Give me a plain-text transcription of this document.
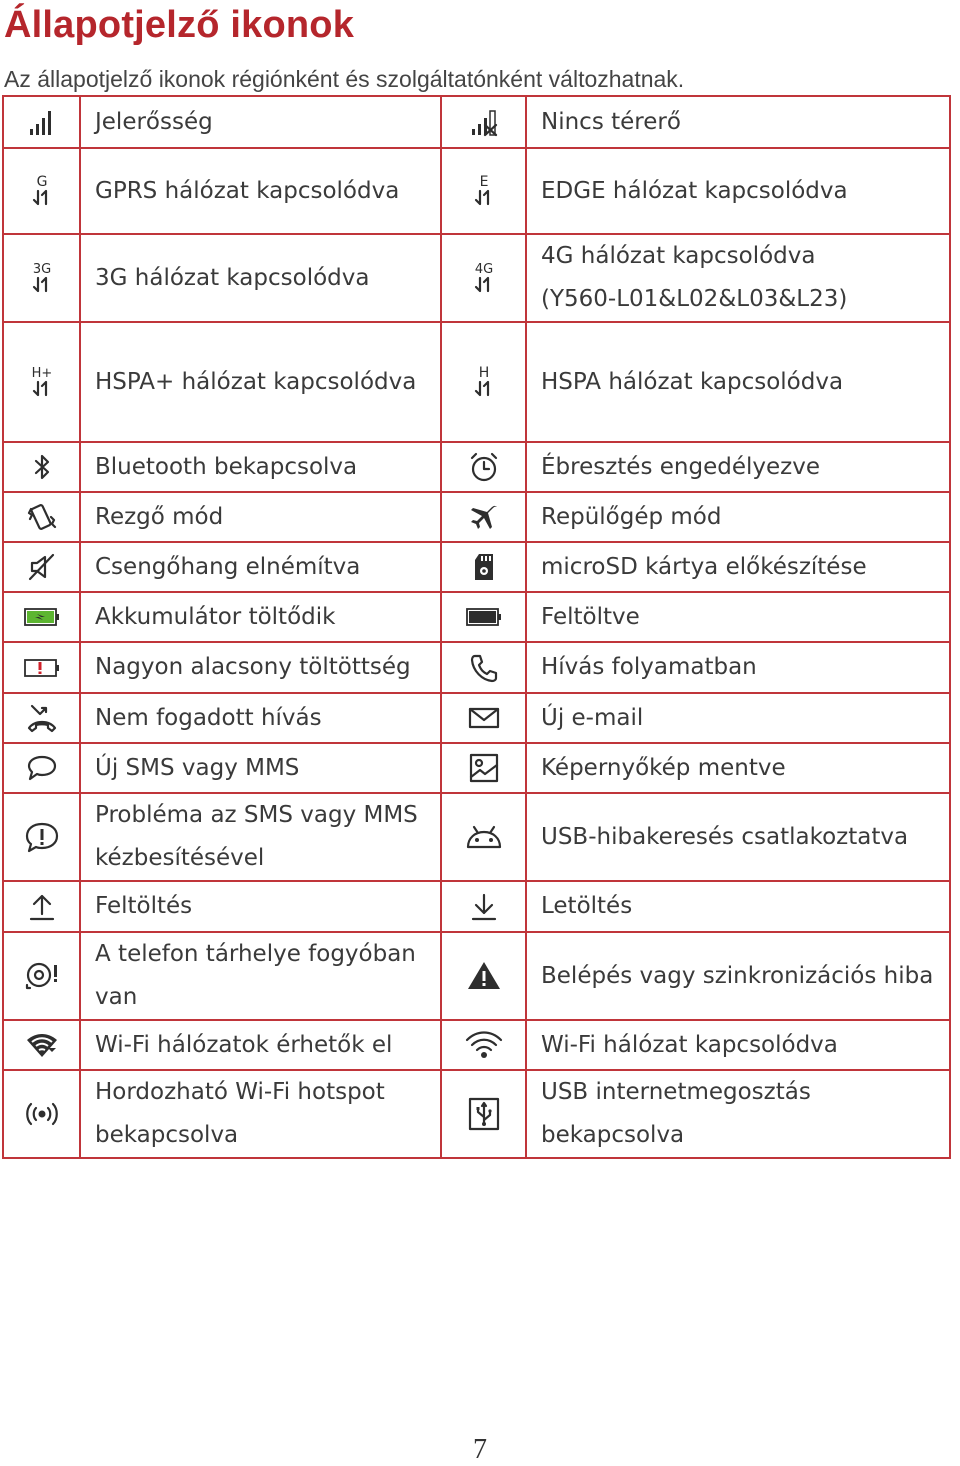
Állapotjelző ikonok

Az állapotjelző ikonok régiónként és szolgáltatónként változhatnak.

Jelerősség		Nincs térerő

G	GPRS hálózat kapcsolódva	E	EDGE hálózat kapcsolódva

3G	3G hálózat kapcsolódva	4G	4G hálózat kapcsolódva
(Y560-L01&L02&L03&L23)

H+	HSPA+ hálózat kapcsolódva	H	HSPA hálózat kapcsolódva

Bluetooth bekapcsolva		Ébresztés engedélyezve

Rezgő mód		Repülőgép mód

Csengőhang elnémítva		microSD kártya előkészítése

Akkumulátor töltődik		Feltöltve

Nagyon alacsony töltöttség		Hívás folyamatban

Nem fogadott hívás		Új e-mail

Új SMS vagy MMS		Képernyőkép mentve

Probléma az SMS vagy MMS
kézbesítésével		USB-hibakeresés csatlakoztatva

Feltöltés		Letöltés

A telefon tárhelye fogyóban
van		Belépés vagy szinkronizációs hiba

Wi-Fi hálózatok érhetők el		Wi-Fi hálózat kapcsolódva

Hordozható Wi-Fi hotspot
bekapcsolva		USB internetmegosztás
bekapcsolva
7
